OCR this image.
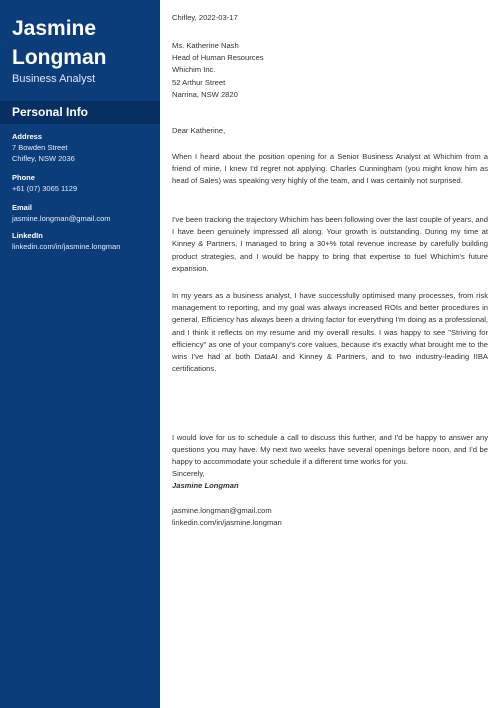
Jasmine
Longman
Business Analyst
Personal Info
Address
7 Bowden Street
Chifley, NSW 2036
Phone
+61 (07) 3065 1129
Email
jasmine.longman@gmail.com
LinkedIn
linkedin.com/in/jasmine.longman

Chifley, 2022-03-17

Ms. Katherine Nash
Head of Human Resources
Whichim Inc.
52 Arthur Street
Narrina, NSW 2820

Dear Katherine,

When I heard about the position opening for a Senior Business Analyst at Whichim from a friend of mine, I knew I'd regret not applying. Charles Cunningham (you might know him as head of Sales) was speaking very highly of the team, and I was certainly not surprised.

I've been tracking the trajectory Whichim has been following over the last couple of years, and I have been genuinely impressed all along. Your growth is outstanding. During my time at Kinney & Partners, I managed to bring a 30+% total revenue increase by carefully building product strategies, and I would be happy to bring that expertise to fuel Whichim's future expansion.

In my years as a business analyst, I have successfully optimised many processes, from risk management to reporting, and my goal was always increased ROIs and better procedures in general. Efficiency has always been a driving factor for everything I'm doing as a professional, and I think it reflects on my resume and my overall results. I was happy to see "Striving for efficiency" as one of your company's core values, because it's exactly what brought me to the wins I've had at both DataAI and Kinney & Partners, and to two industry-leading IIBA certifications.

I would love for us to schedule a call to discuss this further, and I'd be happy to answer any questions you may have. My next two weeks have several openings before noon, and I'd be happy to accommodate your schedule if a different time works for you.

Sincerely,

Jasmine Longman

jasmine.longman@gmail.com
linkedin.com/in/jasmine.longman
